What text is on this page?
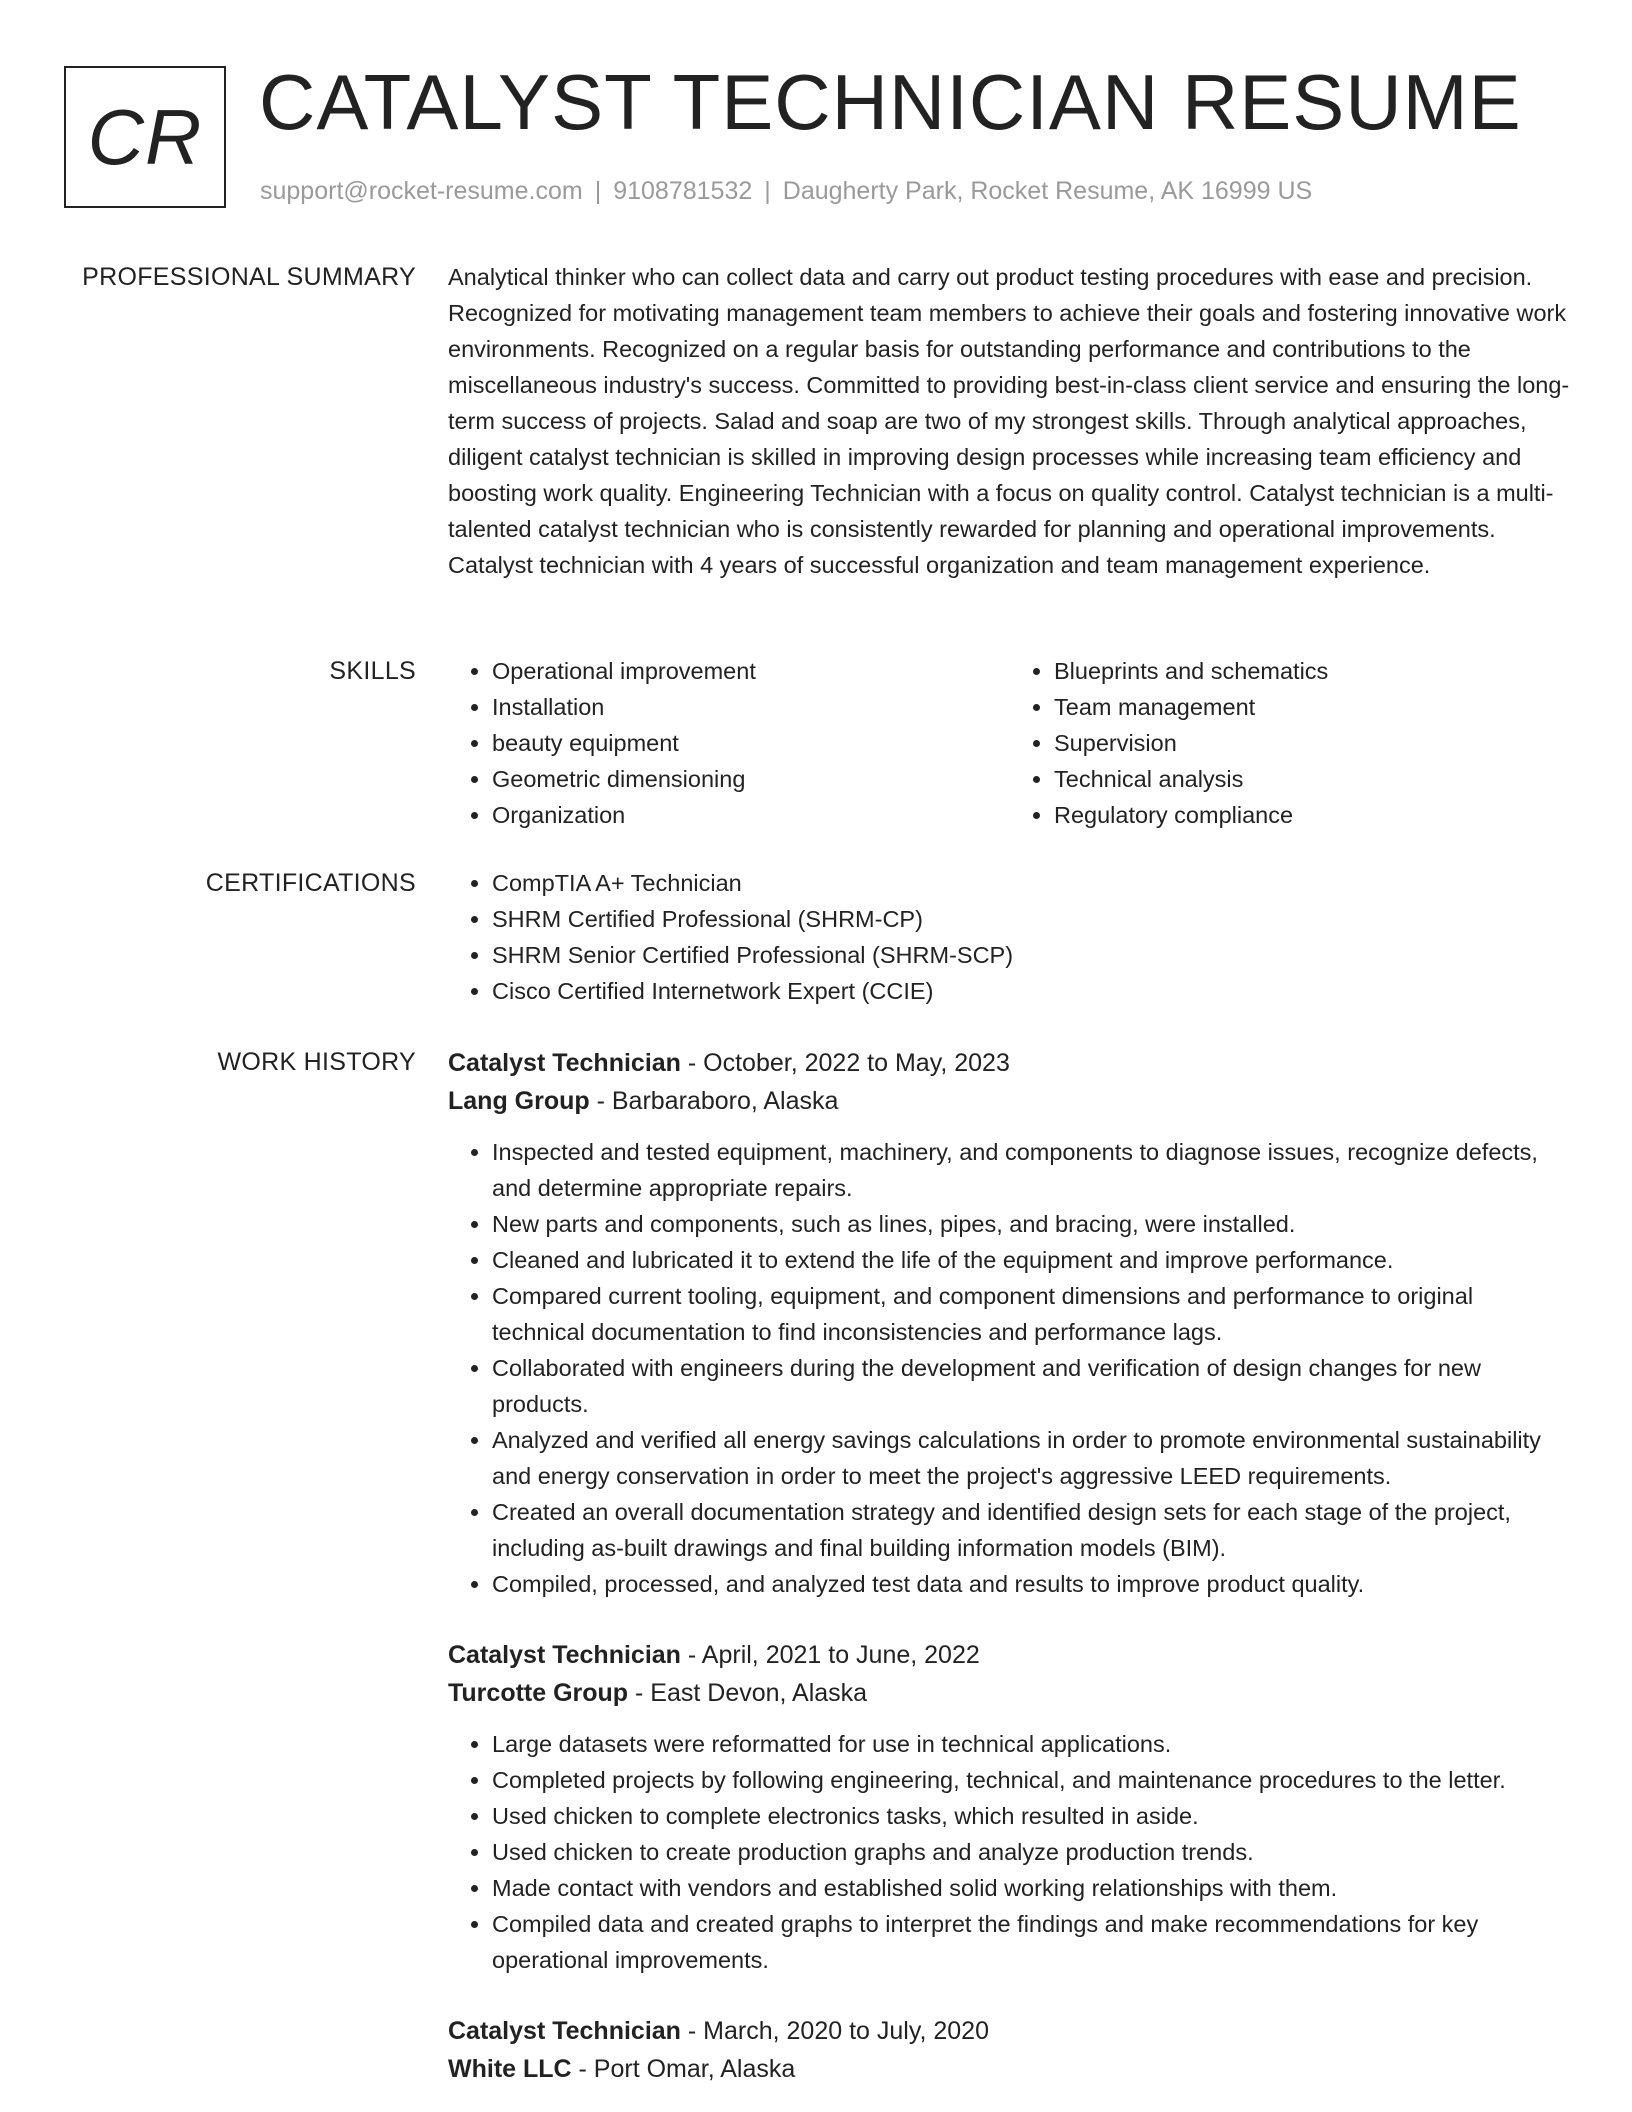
CR CATALYST TECHNICIAN RESUME
support@rocket-resume.com | 9108781532 | Daugherty Park, Rocket Resume, AK 16999 US
PROFESSIONAL SUMMARY Analytical thinker who can collect data and carry out product testing procedures with ease and precision. Recognized for motivating management team members to achieve their goals and fostering innovative work environments. Recognized on a regular basis for outstanding performance and contributions to the miscellaneous industry's success. Committed to providing best-in-class client service and ensuring the long-term success of projects. Salad and soap are two of my strongest skills. Through analytical approaches, diligent catalyst technician is skilled in improving design processes while increasing team efficiency and boosting work quality. Engineering Technician with a focus on quality control. Catalyst technician is a multi-talented catalyst technician who is consistently rewarded for planning and operational improvements. Catalyst technician with 4 years of successful organization and team management experience.

SKILLS	• Operational improvement
• Installation
• beauty equipment
• Geometric dimensioning
• Organization
• Blueprints and schematics
• Team management
• Supervision
• Technical analysis
• Regulatory compliance
CERTIFICATIONS	• CompTIA A+ Technician
• SHRM Certified Professional (SHRM-CP)
• SHRM Senior Certified Professional (SHRM-SCP)
• Cisco Certified Internetwork Expert (CCIE)
WORK HISTORY Catalyst Technician - October, 2022 to May, 2023
Lang Group - Barbaraboro, Alaska
• Inspected and tested equipment, machinery, and components to diagnose issues, recognize defects, and determine appropriate repairs.
• New parts and components, such as lines, pipes, and bracing, were installed.
• Cleaned and lubricated it to extend the life of the equipment and improve performance.
• Compared current tooling, equipment, and component dimensions and performance to original technical documentation to find inconsistencies and performance lags.
• Collaborated with engineers during the development and verification of design changes for new products.
• Analyzed and verified all energy savings calculations in order to promote environmental sustainability and energy conservation in order to meet the project's aggressive LEED requirements.
• Created an overall documentation strategy and identified design sets for each stage of the project, including as-built drawings and final building information models (BIM).
• Compiled, processed, and analyzed test data and results to improve product quality.
Catalyst Technician - April, 2021 to June, 2022
Turcotte Group - East Devon, Alaska
• Large datasets were reformatted for use in technical applications.
• Completed projects by following engineering, technical, and maintenance procedures to the letter.
• Used chicken to complete electronics tasks, which resulted in aside.
• Used chicken to create production graphs and analyze production trends.
• Made contact with vendors and established solid working relationships with them.
• Compiled data and created graphs to interpret the findings and make recommendations for key operational improvements.
Catalyst Technician - March, 2020 to July, 2020
White LLC - Port Omar, Alaska
